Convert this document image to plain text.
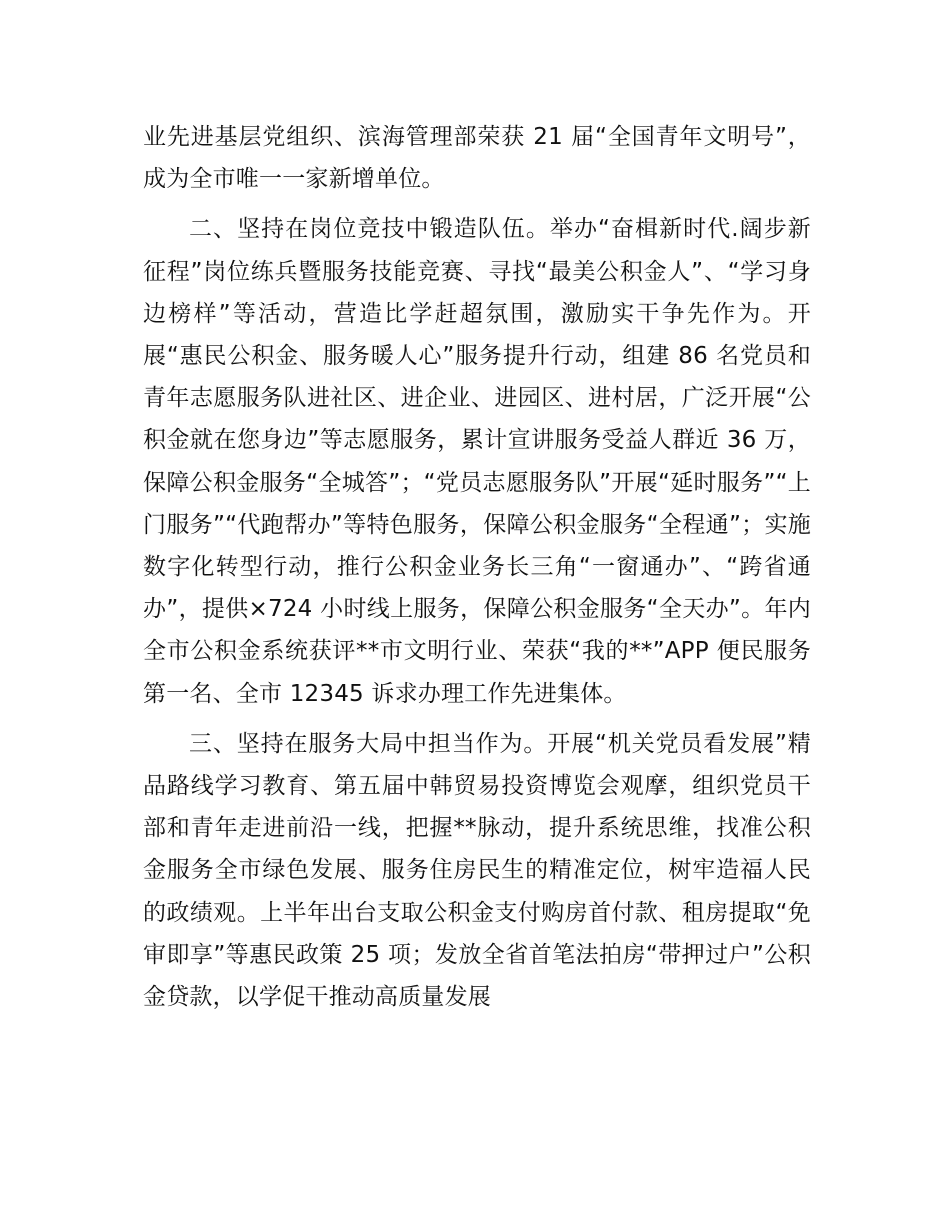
业先进基层党组织、滨海管理部荣获 21 届“全国青年文明号”，成为全市唯一一家新增单位。

二、坚持在岗位竞技中锻造队伍。举办“奋楫新时代.阔步新征程”岗位练兵暨服务技能竞赛、寻找“最美公积金人”、“学习身边榜样”等活动，营造比学赶超氛围，激励实干争先作为。开展“惠民公积金、服务暖人心”服务提升行动，组建 86 名党员和青年志愿服务队进社区、进企业、进园区、进村居，广泛开展“公积金就在您身边”等志愿服务，累计宣讲服务受益人群近 36 万，保障公积金服务“全城答”；“党员志愿服务队”开展“延时服务”“上门服务”“代跑帮办”等特色服务，保障公积金服务“全程通”；实施数字化转型行动，推行公积金业务长三角“一窗通办”、“跨省通办”，提供×724 小时线上服务，保障公积金服务“全天办”。年内全市公积金系统获评**市文明行业、荣获“我的**”APP 便民服务第一名、全市 12345 诉求办理工作先进集体。

三、坚持在服务大局中担当作为。开展“机关党员看发展”精品路线学习教育、第五届中韩贸易投资博览会观摩，组织党员干部和青年走进前沿一线，把握**脉动，提升系统思维，找准公积金服务全市绿色发展、服务住房民生的精准定位，树牢造福人民的政绩观。上半年出台支取公积金支付购房首付款、租房提取“免审即享”等惠民政策 25 项；发放全省首笔法拍房“带押过户”公积金贷款，以学促干推动高质量发展
